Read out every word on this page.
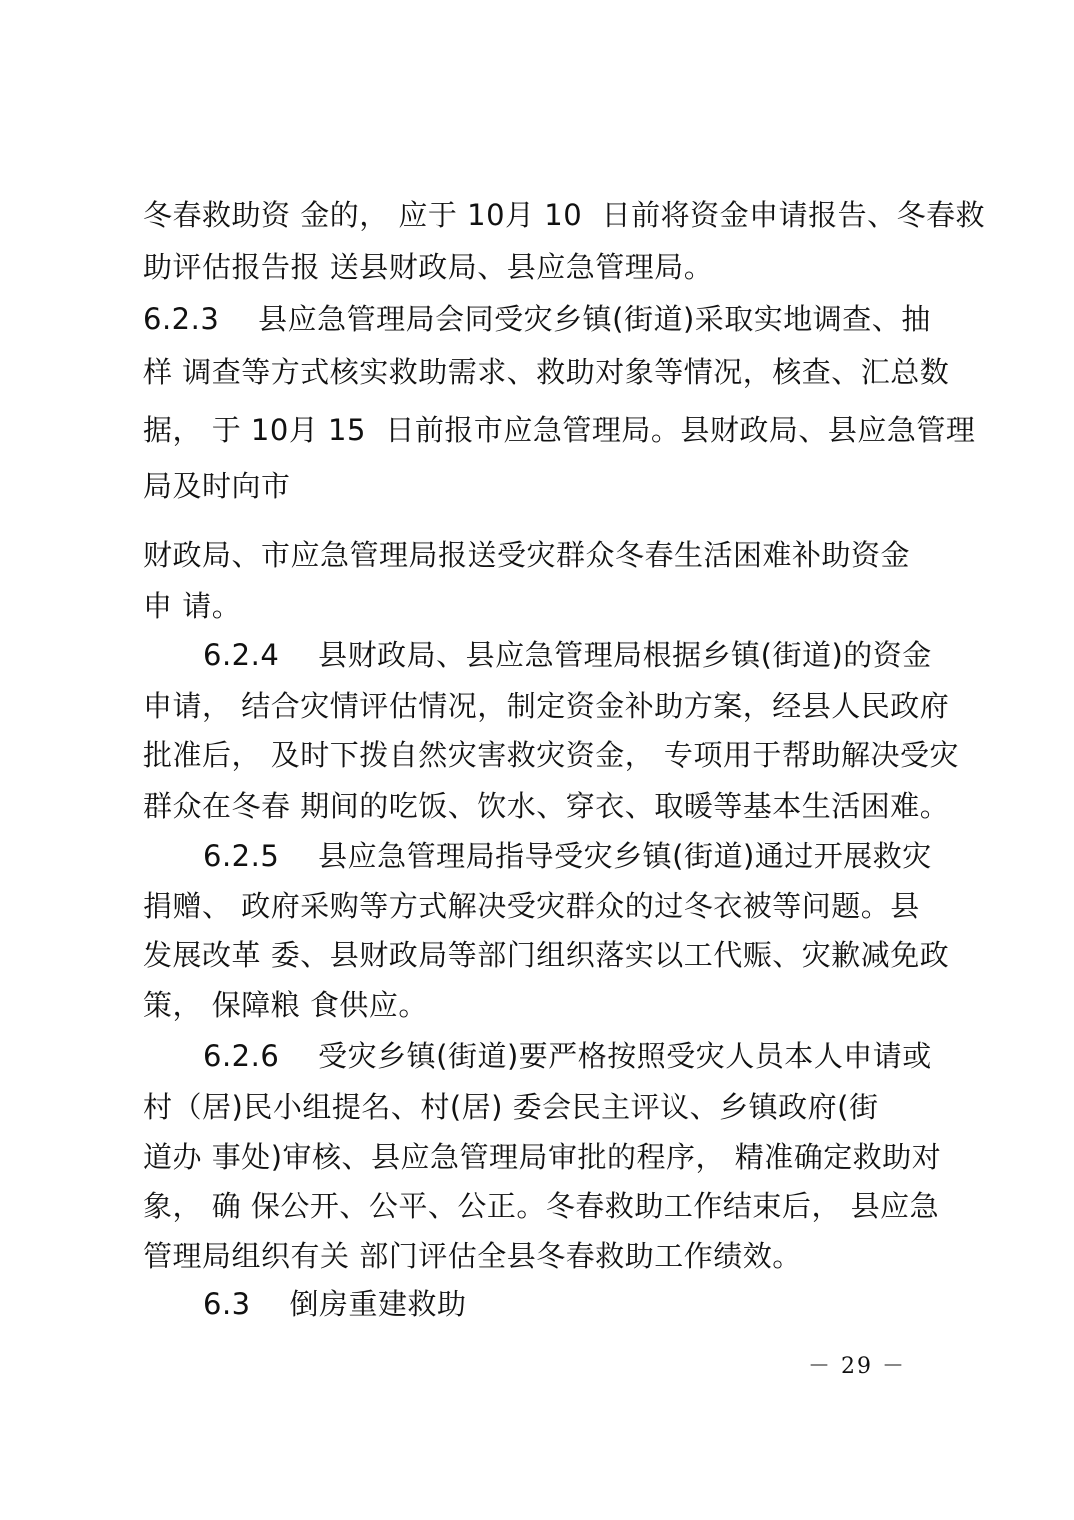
冬春救助资 金的， 应于 10月 10  日前将资金申请报告、冬春救
助评估报告报 送县财政局、县应急管理局。
6.2.3    县应急管理局会同受灾乡镇(街道)采取实地调查、抽
样 调查等方式核实救助需求、救助对象等情况，核查、汇总数
据， 于 10月 15  日前报市应急管理局。县财政局、县应急管理
局及时向市
财政局、市应急管理局报送受灾群众冬春生活困难补助资金
申 请。
6.2.4    县财政局、县应急管理局根据乡镇(街道)的资金
申请， 结合灾情评估情况，制定资金补助方案，经县人民政府
批准后， 及时下拨自然灾害救灾资金， 专项用于帮助解决受灾
群众在冬春 期间的吃饭、饮水、穿衣、取暖等基本生活困难。
6.2.5    县应急管理局指导受灾乡镇(街道)通过开展救灾
捐赠、 政府采购等方式解决受灾群众的过冬衣被等问题。县
发展改革 委、县财政局等部门组织落实以工代赈、灾歉减免政
策， 保障粮 食供应。
6.2.6    受灾乡镇(街道)要严格按照受灾人员本人申请或
村（居)民小组提名、村(居) 委会民主评议、乡镇政府(街
道办 事处)审核、县应急管理局审批的程序， 精准确定救助对
象， 确 保公开、公平、公正。冬春救助工作结束后， 县应急
管理局组织有关 部门评估全县冬春救助工作绩效。
6.3    倒房重建救助
－ 29 －
